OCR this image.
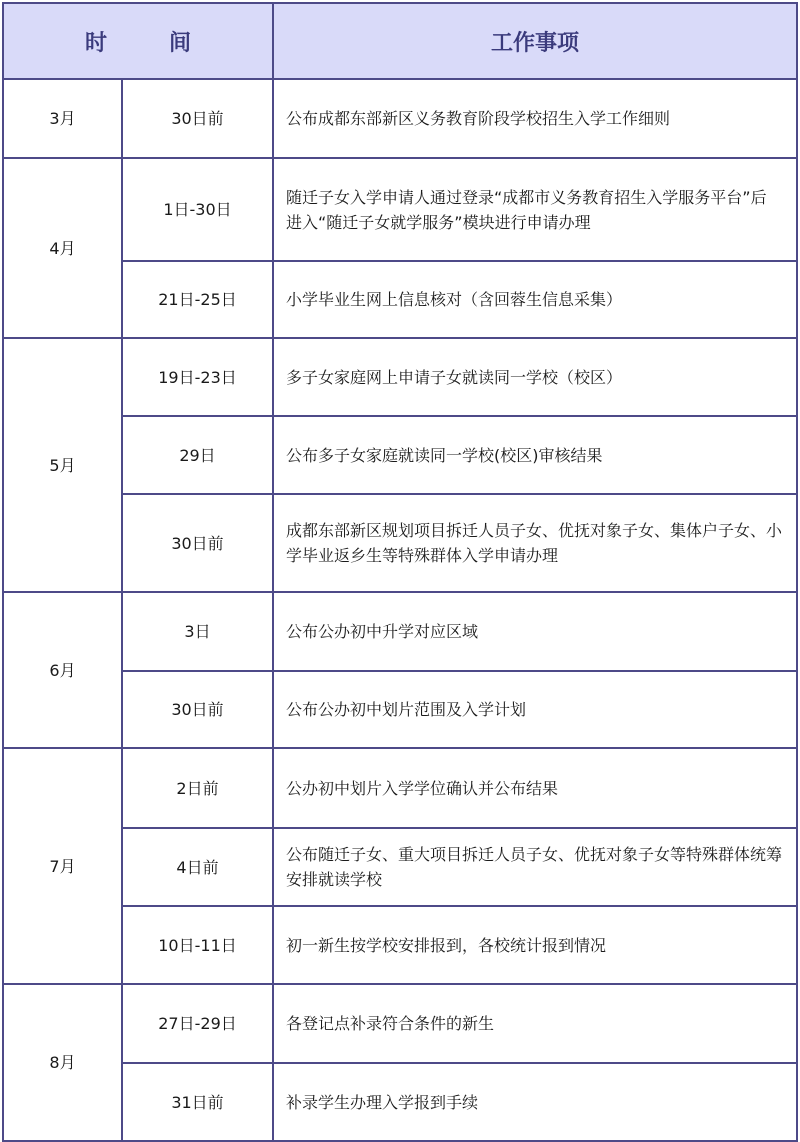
时 间		工作事项
3月	30日前	公布成都东部新区义务教育阶段学校招生入学工作细则
4月	1日-30日	随迁子女入学申请人通过登录“成都市义务教育招生入学服务平台”后进入“随迁子女就学服务”模块进行申请办理
	21日-25日	小学毕业生网上信息核对（含回蓉生信息采集）
5月	19日-23日	多子女家庭网上申请子女就读同一学校（校区）
	29日	公布多子女家庭就读同一学校(校区)审核结果
	30日前	成都东部新区规划项目拆迁人员子女、优抚对象子女、集体户子女、小学毕业返乡生等特殊群体入学申请办理
6月	3日	公布公办初中升学对应区域
	30日前	公布公办初中划片范围及入学计划
7月	2日前	公办初中划片入学学位确认并公布结果
	4日前	公布随迁子女、重大项目拆迁人员子女、优抚对象子女等特殊群体统筹安排就读学校
	10日-11日	初一新生按学校安排报到，各校统计报到情况
8月	27日-29日	各登记点补录符合条件的新生
	31日前	补录学生办理入学报到手续
